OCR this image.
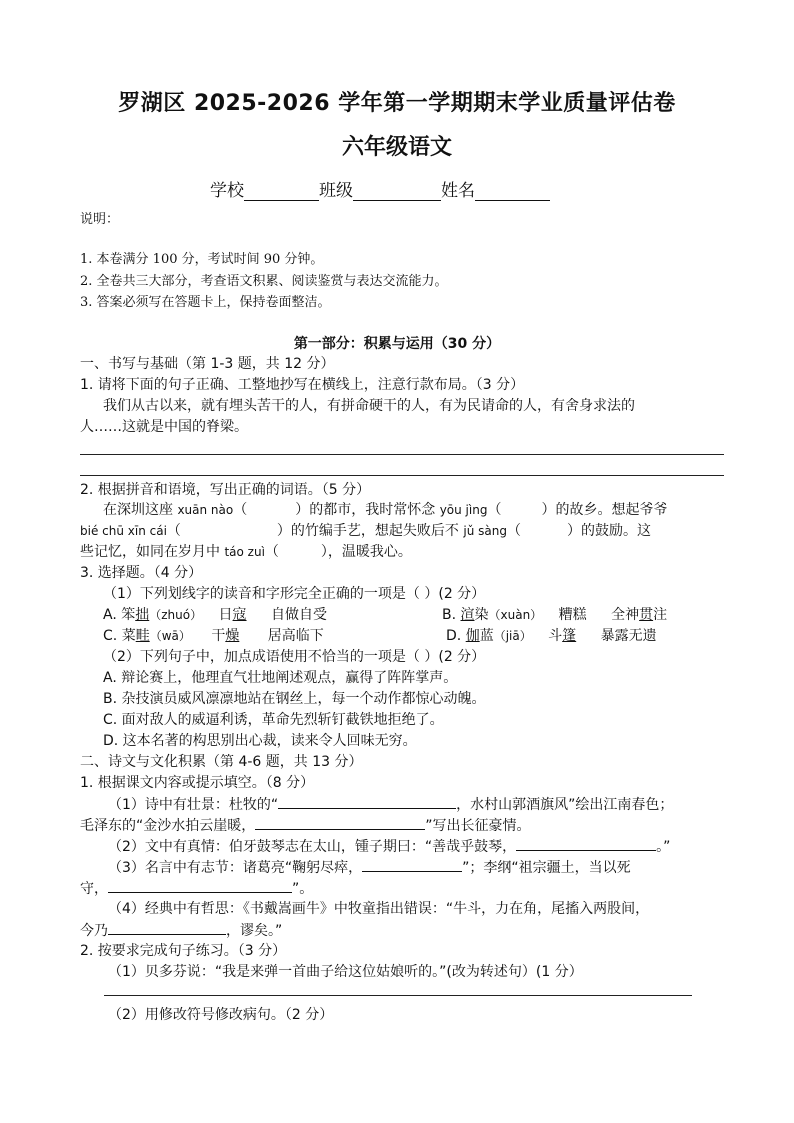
罗湖区 2025-2026 学年第一学期期末学业质量评估卷
六年级语文
学校	班级	姓名
说明：
1. 本卷满分 100 分，考试时间 90 分钟。
2. 全卷共三大部分，考查语文积累、阅读鉴赏与表达交流能力。
3. 答案必须写在答题卡上，保持卷面整洁。
第一部分：积累与运用（30 分）
一、书写与基础（第 1-3 题，共 12 分）
1. 请将下面的句子正确、工整地抄写在横线上，注意行款布局。（3 分）
我们从古以来，就有埋头苦干的人，有拼命硬干的人，有为民请命的人，有舍身求法的
人……这就是中国的脊梁。
2. 根据拼音和语境，写出正确的词语。（5 分）
在深圳这座 xuān nào（	）的都市，我时常怀念 yōu jìng（	）的故乡。想起爷爷
bié chū xīn cái（	）的竹编手艺，想起失败后不 jǔ sàng（	）的鼓励。这
些记忆，如同在岁月中 táo zuì（	），温暖我心。
3. 选择题。（4 分）
（1）下列划线字的读音和字形完全正确的一项是（ ）(2 分）
A. 笨拙（zhuó） 日寇 自做自受	B. 渲染（xuàn） 糟糕 全神贯注
C. 菜畦（wā） 干燥 居高临下	D. 伽蓝（jiā） 斗篷 暴露无遗
（2）下列句子中，加点成语使用不恰当的一项是（ ）(2 分）
A. 辩论赛上，他理直气壮地阐述观点，赢得了阵阵掌声。
B. 杂技演员威风凛凛地站在钢丝上，每一个动作都惊心动魄。
C. 面对敌人的威逼利诱，革命先烈斩钉截铁地拒绝了。
D. 这本名著的构思别出心裁，读来令人回味无穷。
二、诗文与文化积累（第 4-6 题，共 13 分）
1. 根据课文内容或提示填空。（8 分）
（1）诗中有壮景：杜牧的“	，水村山郭酒旗风”绘出江南春色；
毛泽东的“金沙水拍云崖暖，	”写出长征豪情。
（2）文中有真情：伯牙鼓琴志在太山，锺子期曰：“善哉乎鼓琴，	。”
（3）名言中有志节：诸葛亮“鞠躬尽瘁，	”；李纲“祖宗疆土，当以死
守，	”。
（4）经典中有哲思：《书戴嵩画牛》中牧童指出错误：“牛斗，力在角，尾搐入两股间，
今乃	，谬矣。”
2. 按要求完成句子练习。（3 分）
（1）贝多芬说：“我是来弹一首曲子给这位姑娘听的。”(改为转述句）(1 分）
（2）用修改符号修改病句。（2 分）
